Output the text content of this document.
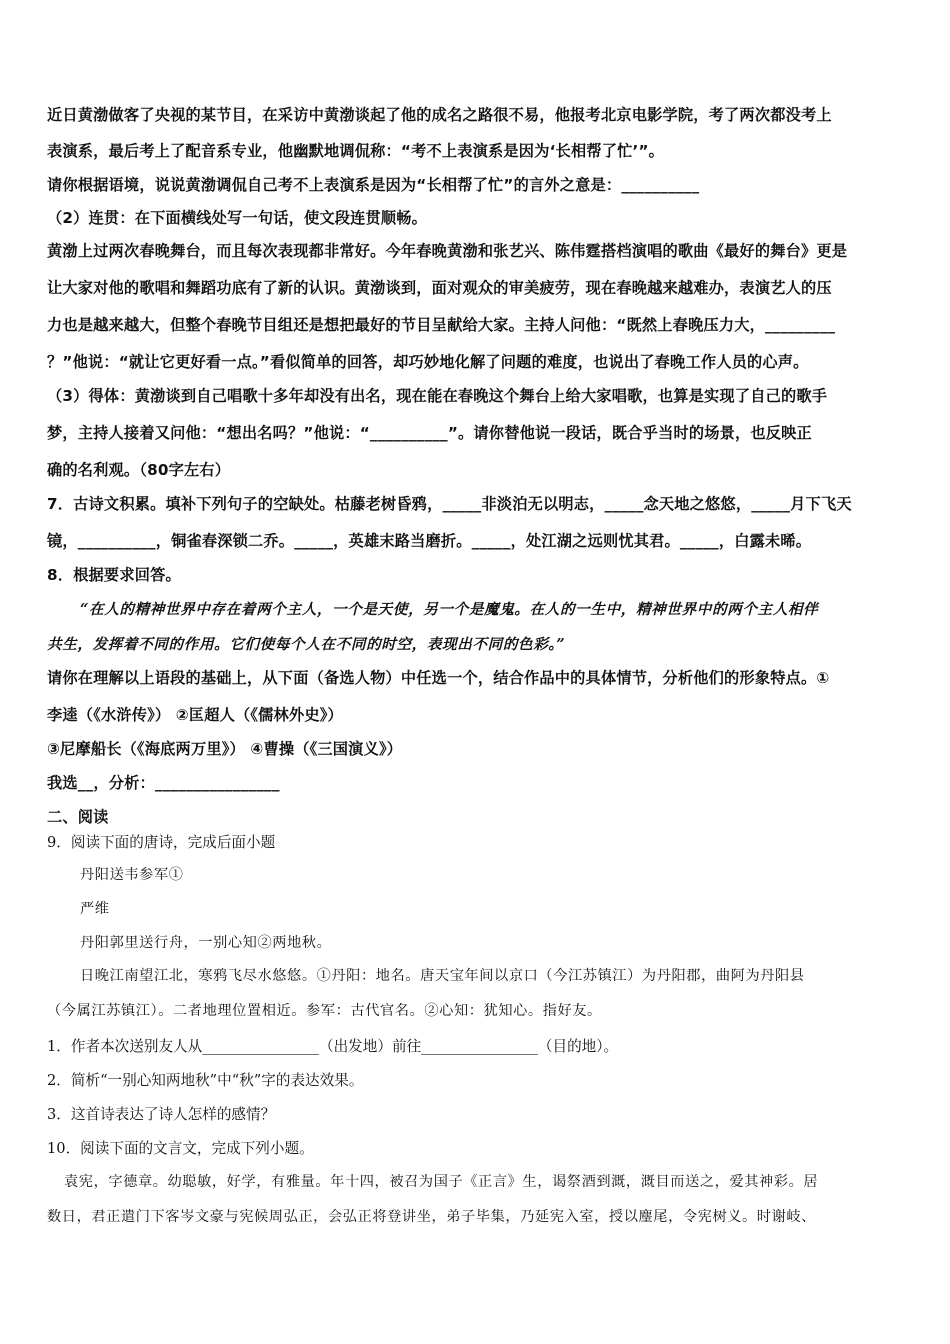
近日黄渤做客了央视的某节目，在采访中黄渤谈起了他的成名之路很不易，他报考北京电影学院，考了两次都没考上
表演系，最后考上了配音系专业，他幽默地调侃称：“考不上表演系是因为‘长相帮了忙’”。
请你根据语境，说说黄渤调侃自己考不上表演系是因为“长相帮了忙”的言外之意是：__________
（2）连贯：在下面横线处写一句话，使文段连贯顺畅。
黄渤上过两次春晚舞台，而且每次表现都非常好。今年春晚黄渤和张艺兴、陈伟霆搭档演唱的歌曲《最好的舞台》更是
让大家对他的歌唱和舞蹈功底有了新的认识。黄渤谈到，面对观众的审美疲劳，现在春晚越来越难办，表演艺人的压
力也是越来越大，但整个春晚节目组还是想把最好的节目呈献给大家。主持人问他：“既然上春晚压力大，_________
？”他说：“就让它更好看一点。”看似简单的回答，却巧妙地化解了问题的难度，也说出了春晚工作人员的心声。
（3）得体：黄渤谈到自己唱歌十多年却没有出名，现在能在春晚这个舞台上给大家唱歌，也算是实现了自己的歌手
梦，主持人接着又问他：“想出名吗？”他说：“__________”。请你替他说一段话，既合乎当时的场景，也反映正
确的名利观。（80字左右）
7．古诗文积累。填补下列句子的空缺处。枯藤老树昏鸦，_____非淡泊无以明志，_____念天地之悠悠，_____月下飞天
镜，__________，铜雀春深锁二乔。_____，英雄末路当磨折。_____，处江湖之远则忧其君。_____，白露未晞。
8．根据要求回答。
“在人的精神世界中存在着两个主人，一个是天使，另一个是魔鬼。在人的一生中，精神世界中的两个主人相伴
共生，发挥着不同的作用。它们使每个人在不同的时空，表现出不同的色彩。”
请你在理解以上语段的基础上，从下面（备选人物）中任选一个，结合作品中的具体情节，分析他们的形象特点。①
李逵（《水浒传》） ②匡超人（《儒林外史》）
③尼摩船长（《海底两万里》） ④曹操（《三国演义》）
我选__，分析：________________
二、阅读
9．阅读下面的唐诗，完成后面小题
丹阳送韦参军①
严维
丹阳郭里送行舟，一别心知②两地秋。
日晚江南望江北，寒鸦飞尽水悠悠。①丹阳：地名。唐天宝年间以京口（今江苏镇江）为丹阳郡，曲阿为丹阳县
（今属江苏镇江）。二者地理位置相近。参军：古代官名。②心知：犹知心。指好友。
1．作者本次送别友人从________________（出发地）前往________________（目的地）。
2．简析“一别心知两地秋”中“秋”字的表达效果。
3．这首诗表达了诗人怎样的感情？
10．阅读下面的文言文，完成下列小题。
袁宪，字德章。幼聪敏，好学，有雅量。年十四，被召为国子《正言》生，谒祭酒到溉，溉目而送之，爱其神彩。居
数日，君正遣门下客岑文豪与宪候周弘正，会弘正将登讲坐，弟子毕集，乃延宪入室，授以麈尾，令宪树义。时谢岐、
